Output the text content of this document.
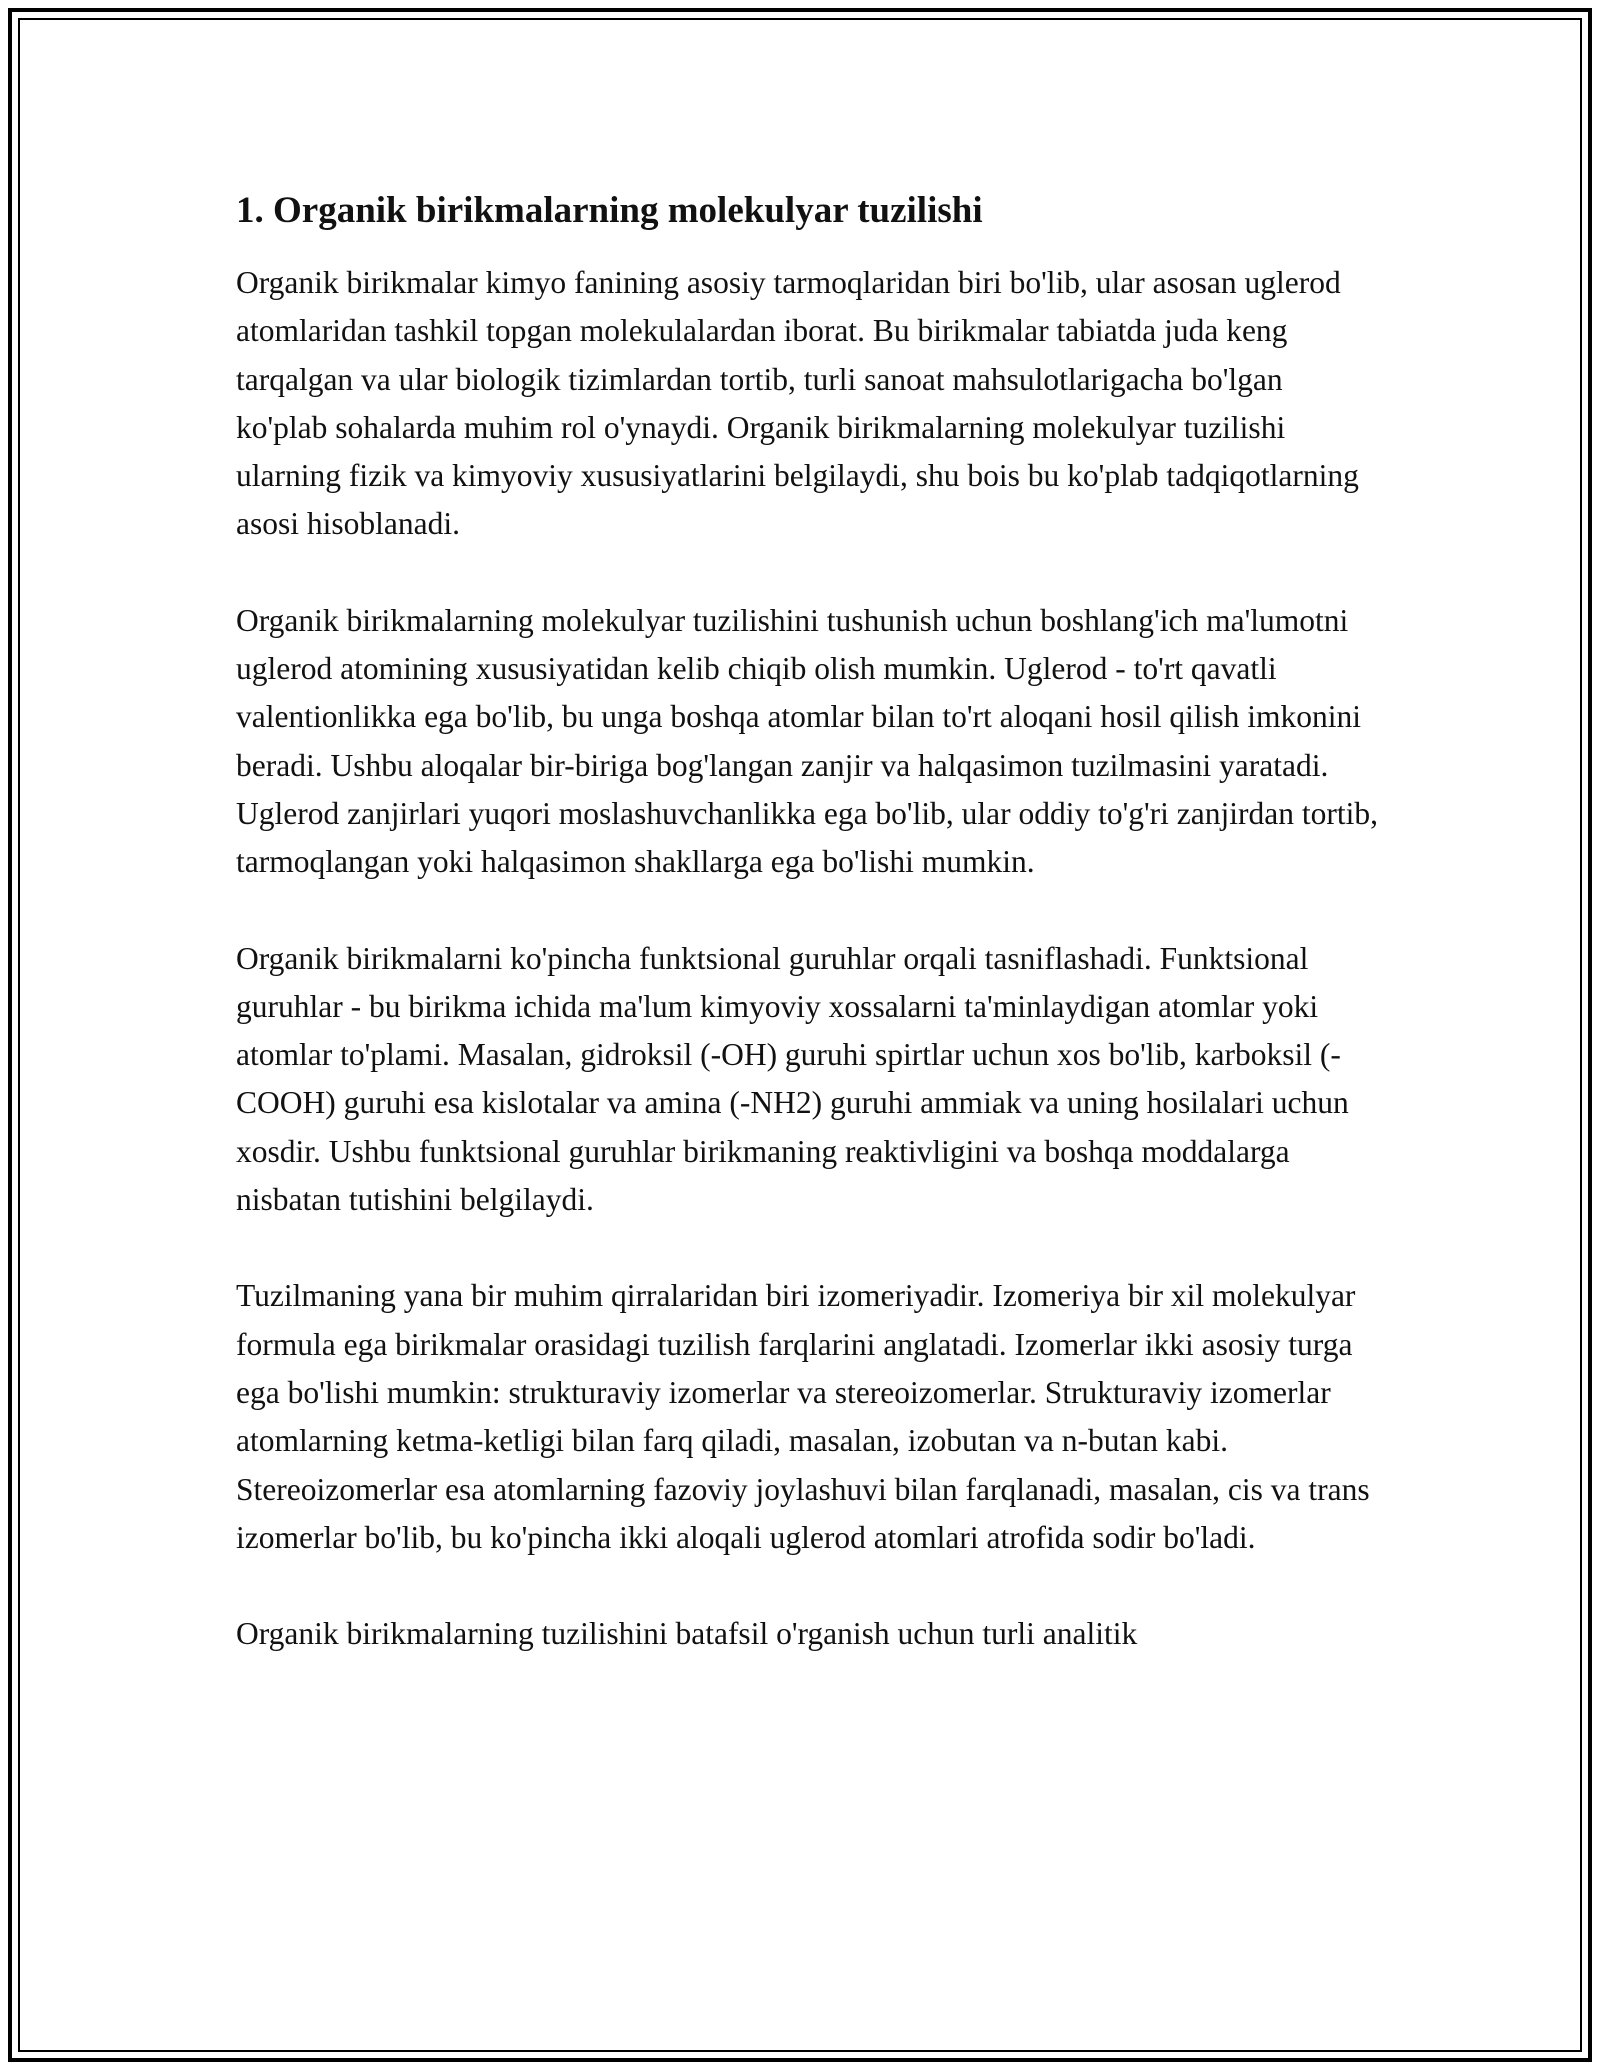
1. Organik birikmalarning molekulyar tuzilishi

Organik birikmalar kimyo fanining asosiy tarmoqlaridan biri bo'lib, ular asosan uglerod atomlaridan tashkil topgan molekulalardan iborat. Bu birikmalar tabiatda juda keng tarqalgan va ular biologik tizimlardan tortib, turli sanoat mahsulotlarigacha bo'lgan ko'plab sohalarda muhim rol o'ynaydi. Organik birikmalarning molekulyar tuzilishi ularning fizik va kimyoviy xususiyatlarini belgilaydi, shu bois bu ko'plab tadqiqotlarning asosi hisoblanadi.

Organik birikmalarning molekulyar tuzilishini tushunish uchun boshlang'ich ma'lumotni uglerod atomining xususiyatidan kelib chiqib olish mumkin. Uglerod - to'rt qavatli valentionlikka ega bo'lib, bu unga boshqa atomlar bilan to'rt aloqani hosil qilish imkonini beradi. Ushbu aloqalar bir-biriga bog'langan zanjir va halqasimon tuzilmasini yaratadi. Uglerod zanjirlari yuqori moslashuvchanlikka ega bo'lib, ular oddiy to'g'ri zanjirdan tortib, tarmoqlangan yoki halqasimon shakllarga ega bo'lishi mumkin.

Organik birikmalarni ko'pincha funktsional guruhlar orqali tasniflashadi. Funktsional guruhlar - bu birikma ichida ma'lum kimyoviy xossalarni ta'minlaydigan atomlar yoki atomlar to'plami. Masalan, gidroksil (-OH) guruhi spirtlar uchun xos bo'lib, karboksil (-COOH) guruhi esa kislotalar va amina (-NH2) guruhi ammiak va uning hosilalari uchun xosdir. Ushbu funktsional guruhlar birikmaning reaktivligini va boshqa moddalarga nisbatan tutishini belgilaydi.

Tuzilmaning yana bir muhim qirralaridan biri izomeriyadir. Izomeriya bir xil molekulyar formula ega birikmalar orasidagi tuzilish farqlarini anglatadi. Izomerlar ikki asosiy turga ega bo'lishi mumkin: strukturaviy izomerlar va stereoizomerlar. Strukturaviy izomerlar atomlarning ketma-ketligi bilan farq qiladi, masalan, izobutan va n-butan kabi. Stereoizomerlar esa atomlarning fazoviy joylashuvi bilan farqlanadi, masalan, cis va trans izomerlar bo'lib, bu ko'pincha ikki aloqali uglerod atomlari atrofida sodir bo'ladi.

Organik birikmalarning tuzilishini batafsil o'rganish uchun turli analitik
